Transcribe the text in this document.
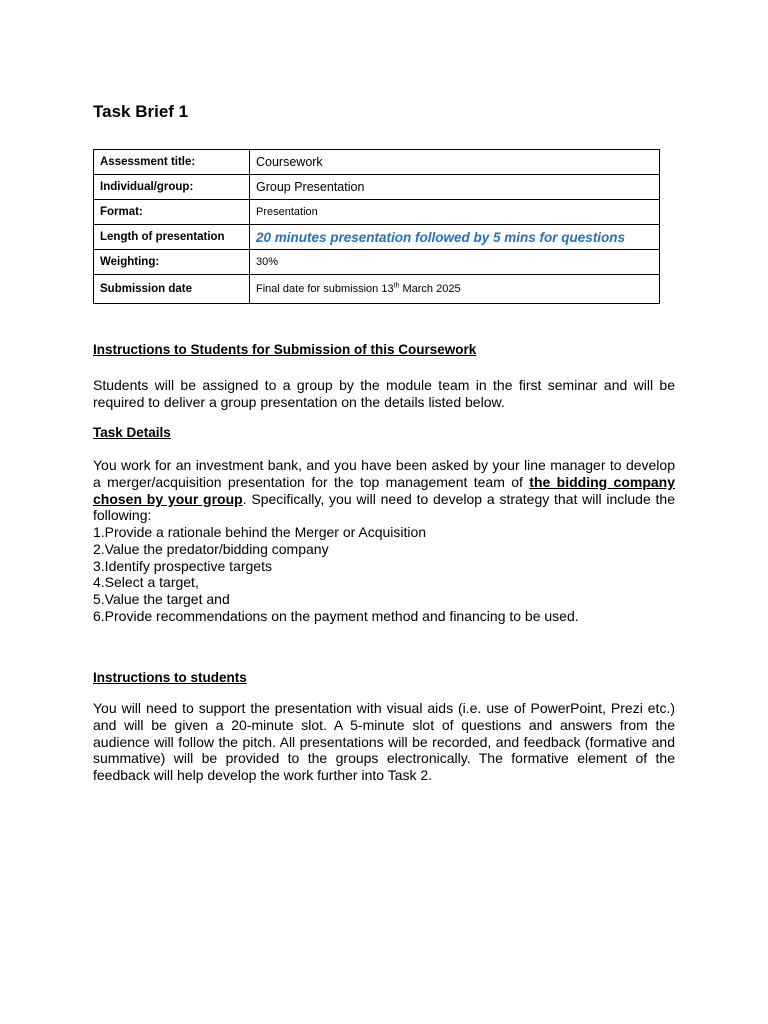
Task Brief 1
Assessment title:	Coursework
Individual/group:	Group Presentation
Format:	Presentation
Length of presentation	20 minutes presentation followed by 5 mins for questions
Weighting:	30%
Submission date	Final date for submission 13th March 2025
Instructions to Students for Submission of this Coursework

Students will be assigned to a group by the module team in the first seminar and will be required to deliver a group presentation on the details listed below.

Task Details

You work for an investment bank, and you have been asked by your line manager to develop a merger/acquisition presentation for the top management team of the bidding company chosen by your group. Specifically, you will need to develop a strategy that will include the following:

1.Provide a rationale behind the Merger or Acquisition
2.Value the predator/bidding company
3.Identify prospective targets
4.Select a target,
5.Value the target and
6.Provide recommendations on the payment method and financing to be used.
Instructions to students

You will need to support the presentation with visual aids (i.e. use of PowerPoint, Prezi etc.) and will be given a 20-minute slot. A 5-minute slot of questions and answers from the audience will follow the pitch. All presentations will be recorded, and feedback (formative and summative) will be provided to the groups electronically. The formative element of the feedback will help develop the work further into Task 2.
